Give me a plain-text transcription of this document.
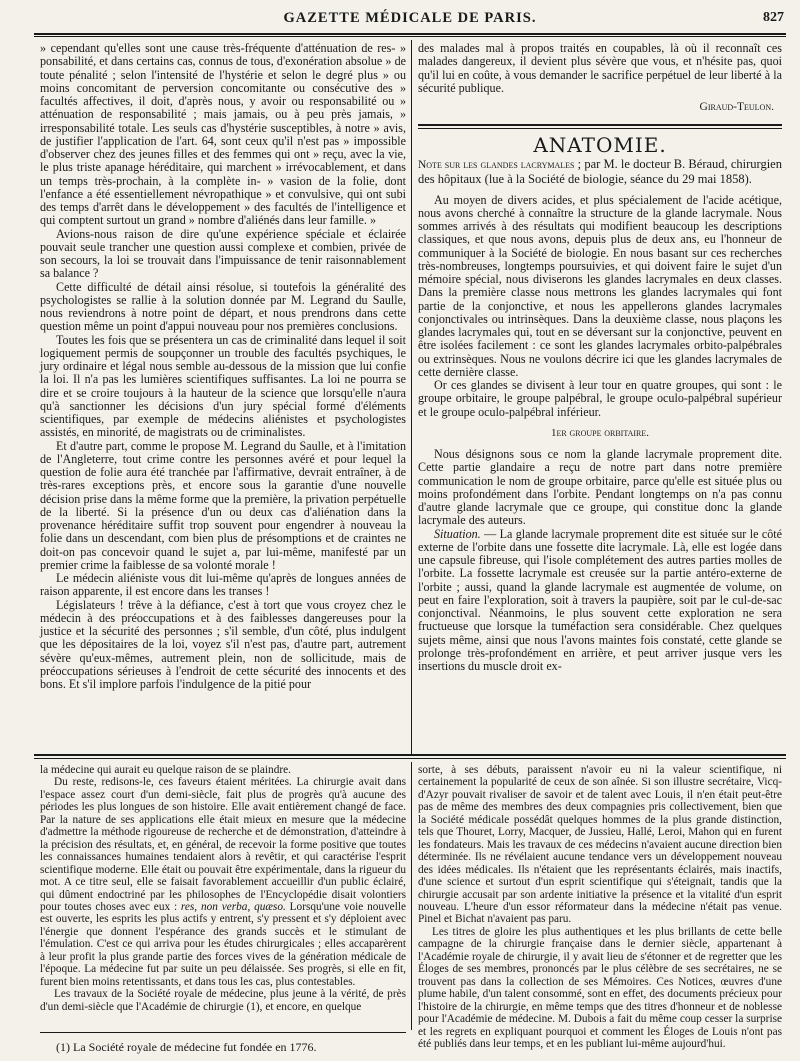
GAZETTE MÉDICALE DE PARIS.	827

» cependant qu'elles sont une cause très-fréquente d'atténuation de res- » ponsabilité, et dans certains cas, connus de tous, d'exonération absolue » de toute pénalité ; selon l'intensité de l'hystérie et selon le degré plus » ou moins concomitant de perversion concomitante ou consécutive des » facultés affectives, il doit, d'après nous, y avoir ou responsabilité ou » atténuation de responsabilité ; mais jamais, ou à peu près jamais, » irresponsabilité totale. Les seuls cas d'hystérie susceptibles, à notre » avis, de justifier l'application de l'art. 64, sont ceux qu'il n'est pas » impossible d'observer chez des jeunes filles et des femmes qui ont » reçu, avec la vie, le plus triste apanage héréditaire, qui marchent » irrévocablement, et dans un temps très-prochain, à la complète in- » vasion de la folie, dont l'enfance a été essentiellement névropathique » et convulsive, qui ont subi des temps d'arrêt dans le développement » des facultés de l'intelligence et qui comptent surtout un grand » nombre d'aliénés dans leur famille. »

Avions-nous raison de dire qu'une expérience spéciale et éclairée pouvait seule trancher une question aussi complexe et combien, privée de son secours, la loi se trouvait dans l'impuissance de tenir raisonnablement sa balance ?

Cette difficulté de détail ainsi résolue, si toutefois la généralité des psychologistes se rallie à la solution donnée par M. Legrand du Saulle, nous reviendrons à notre point de départ, et nous prendrons dans cette question même un point d'appui nouveau pour nos premières conclusions.

Toutes les fois que se présentera un cas de criminalité dans lequel il soit logiquement permis de soupçonner un trouble des facultés psychiques, le jury ordinaire et légal nous semble au-dessous de la mission que lui confie la loi. Il n'a pas les lumières scientifiques suffisantes. La loi ne pourra se dire et se croire toujours à la hauteur de la science que lorsqu'elle n'aura qu'à sanctionner les décisions d'un jury spécial formé d'éléments scientifiques, par exemple de médecins aliénistes et psychologistes assistés, en minorité, de magistrats ou de criminalistes.

Et d'autre part, comme le propose M. Legrand du Saulle, et à l'imitation de l'Angleterre, tout crime contre les personnes avéré et pour lequel la question de folie aura été tranchée par l'affirmative, devrait entraîner, à de très-rares exceptions près, et encore sous la garantie d'une nouvelle décision prise dans la même forme que la première, la privation perpétuelle de la liberté. Si la présence d'un ou deux cas d'aliénation dans la provenance héréditaire suffit trop souvent pour engendrer à nouveau la folie dans un descendant, com bien plus de présomptions et de craintes ne doit-on pas concevoir quand le sujet a, par lui-même, manifesté par un premier crime la faiblesse de sa volonté morale !

Le médecin aliéniste vous dit lui-même qu'après de longues années de raison apparente, il est encore dans les transes !

Législateurs ! trêve à la défiance, c'est à tort que vous croyez chez le médecin à des préoccupations et à des faiblesses dangereuses pour la justice et la sécurité des personnes ; s'il semble, d'un côté, plus indulgent que les dépositaires de la loi, voyez s'il n'est pas, d'autre part, autrement sévère qu'eux-mêmes, autrement plein, non de sollicitude, mais de préoccupations sérieuses à l'endroit de cette sécurité des innocents et des bons. Et s'il implore parfois l'indulgence de la pitié pour

des malades mal à propos traités en coupables, là où il reconnaît ces malades dangereux, il devient plus sévère que vous, et n'hésite pas, quoi qu'il lui en coûte, à vous demander le sacrifice perpétuel de leur liberté à la sécurité publique.

Giraud-Teulon.
ANATOMIE.

Note sur les glandes lacrymales ; par M. le docteur B. Béraud, chirurgien des hôpitaux (lue à la Société de biologie, séance du 29 mai 1858).

Au moyen de divers acides, et plus spécialement de l'acide acétique, nous avons cherché à connaître la structure de la glande lacrymale. Nous sommes arrivés à des résultats qui modifient beaucoup les descriptions classiques, et que nous avons, depuis plus de deux ans, eu l'honneur de communiquer à la Société de biologie. En nous basant sur ces recherches très-nombreuses, longtemps poursuivies, et qui doivent faire le sujet d'un mémoire spécial, nous diviserons les glandes lacrymales en deux classes. Dans la première classe nous mettrons les glandes lacrymales qui font partie de la conjonctive, et nous les appellerons glandes lacrymales conjonctivales ou intrinsèques. Dans la deuxième classe, nous plaçons les glandes lacrymales qui, tout en se déversant sur la conjonctive, peuvent en être isolées facilement : ce sont les glandes lacrymales orbito-palpébrales ou extrinsèques. Nous ne voulons décrire ici que les glandes lacrymales de cette dernière classe.

Or ces glandes se divisent à leur tour en quatre groupes, qui sont : le groupe orbitaire, le groupe palpébral, le groupe oculo-palpébral supérieur et le groupe oculo-palpébral inférieur.

1er groupe orbitaire.

Nous désignons sous ce nom la glande lacrymale proprement dite. Cette partie glandaire a reçu de notre part dans notre première communication le nom de groupe orbitaire, parce qu'elle est située plus ou moins profondément dans l'orbite. Pendant longtemps on n'a pas connu d'autre glande lacrymale que ce groupe, qui constitue donc la glande lacrymale des auteurs.

Situation. — La glande lacrymale proprement dite est située sur le côté externe de l'orbite dans une fossette dite lacrymale. Là, elle est logée dans une capsule fibreuse, qui l'isole complétement des autres parties molles de l'orbite. La fossette lacrymale est creusée sur la partie antéro-externe de l'orbite ; aussi, quand la glande lacrymale est augmentée de volume, on peut en faire l'exploration, soit à travers la paupière, soit par le cul-de-sac conjonctival. Néanmoins, le plus souvent cette exploration ne sera fructueuse que lorsque la tuméfaction sera considérable. Chez quelques sujets même, ainsi que nous l'avons maintes fois constaté, cette glande se prolonge très-profondément en arrière, et peut arriver jusque vers les insertions du muscle droit ex-

la médecine qui aurait eu quelque raison de se plaindre.

Du reste, redisons-le, ces faveurs étaient méritées. La chirurgie avait dans l'espace assez court d'un demi-siècle, fait plus de progrès qu'à aucune des périodes les plus longues de son histoire. Elle avait entièrement changé de face. Par la nature de ses applications elle était mieux en mesure que la médecine d'admettre la méthode rigoureuse de recherche et de démonstration, d'atteindre à la précision des résultats, et, en général, de recevoir la forme positive que toutes les connaissances humaines tendaient alors à revêtir, et qui caractérise l'esprit scientifique moderne. Elle était ou pouvait être expérimentale, dans la rigueur du mot. A ce titre seul, elle se faisait favorablement accueillir d'un public éclairé, qui dûment endoctriné par les philosophes de l'Encyclopédie disait volontiers pour toutes choses avec eux : res, non verba, quæso. Lorsqu'une voie nouvelle est ouverte, les esprits les plus actifs y entrent, s'y pressent et s'y déploient avec l'énergie que donnent l'espérance des grands succès et le stimulant de l'émulation. C'est ce qui arriva pour les études chirurgicales ; elles accaparèrent à leur profit la plus grande partie des forces vives de la génération médicale de l'époque. La médecine fut par suite un peu délaissée. Ses progrès, si elle en fit, furent bien moins retentissants, et dans tous les cas, plus contestables.

Les travaux de la Société royale de médecine, plus jeune à la vérité, de près d'un demi-siècle que l'Académie de chirurgie (1), et encore, en quelque

sorte, à ses débuts, paraissent n'avoir eu ni la valeur scientifique, ni certainement la popularité de ceux de son aînée. Si son illustre secrétaire, Vicq-d'Azyr pouvait rivaliser de savoir et de talent avec Louis, il n'en était peut-être pas de même des membres des deux compagnies pris collectivement, bien que la Société médicale possédât quelques hommes de la plus grande distinction, tels que Thouret, Lorry, Macquer, de Jussieu, Hallé, Leroi, Mahon qui en furent les fondateurs. Mais les travaux de ces médecins n'avaient aucune direction bien déterminée. Ils ne révélaient aucune tendance vers un développement nouveau des idées médicales. Ils n'étaient que les représentants éclairés, mais inactifs, d'une science et surtout d'un esprit scientifique qui s'éteignait, tandis que la chirurgie accusait par son ardente initiative la présence et la vitalité d'un esprit nouveau. L'heure d'un essor réformateur dans la médecine n'était pas venue. Pinel et Bichat n'avaient pas paru.

Les titres de gloire les plus authentiques et les plus brillants de cette belle campagne de la chirurgie française dans le dernier siècle, appartenant à l'Académie royale de chirurgie, il y avait lieu de s'étonner et de regretter que les Éloges de ses membres, prononcés par le plus célèbre de ses secrétaires, ne se trouvent pas dans la collection de ses Mémoires. Ces Notices, œuvres d'une plume habile, d'un talent consommé, sont en effet, des documents précieux pour l'histoire de la chirurgie, en même temps que des titres d'honneur et de noblesse pour l'Académie de médecine. M. Dubois a fait du même coup cesser la surprise et les regrets en expliquant pourquoi et comment les Éloges de Louis n'ont pas été publiés dans leur temps, et en les publiant lui-même aujourd'hui.

(1) La Société royale de médecine fut fondée en 1776.
